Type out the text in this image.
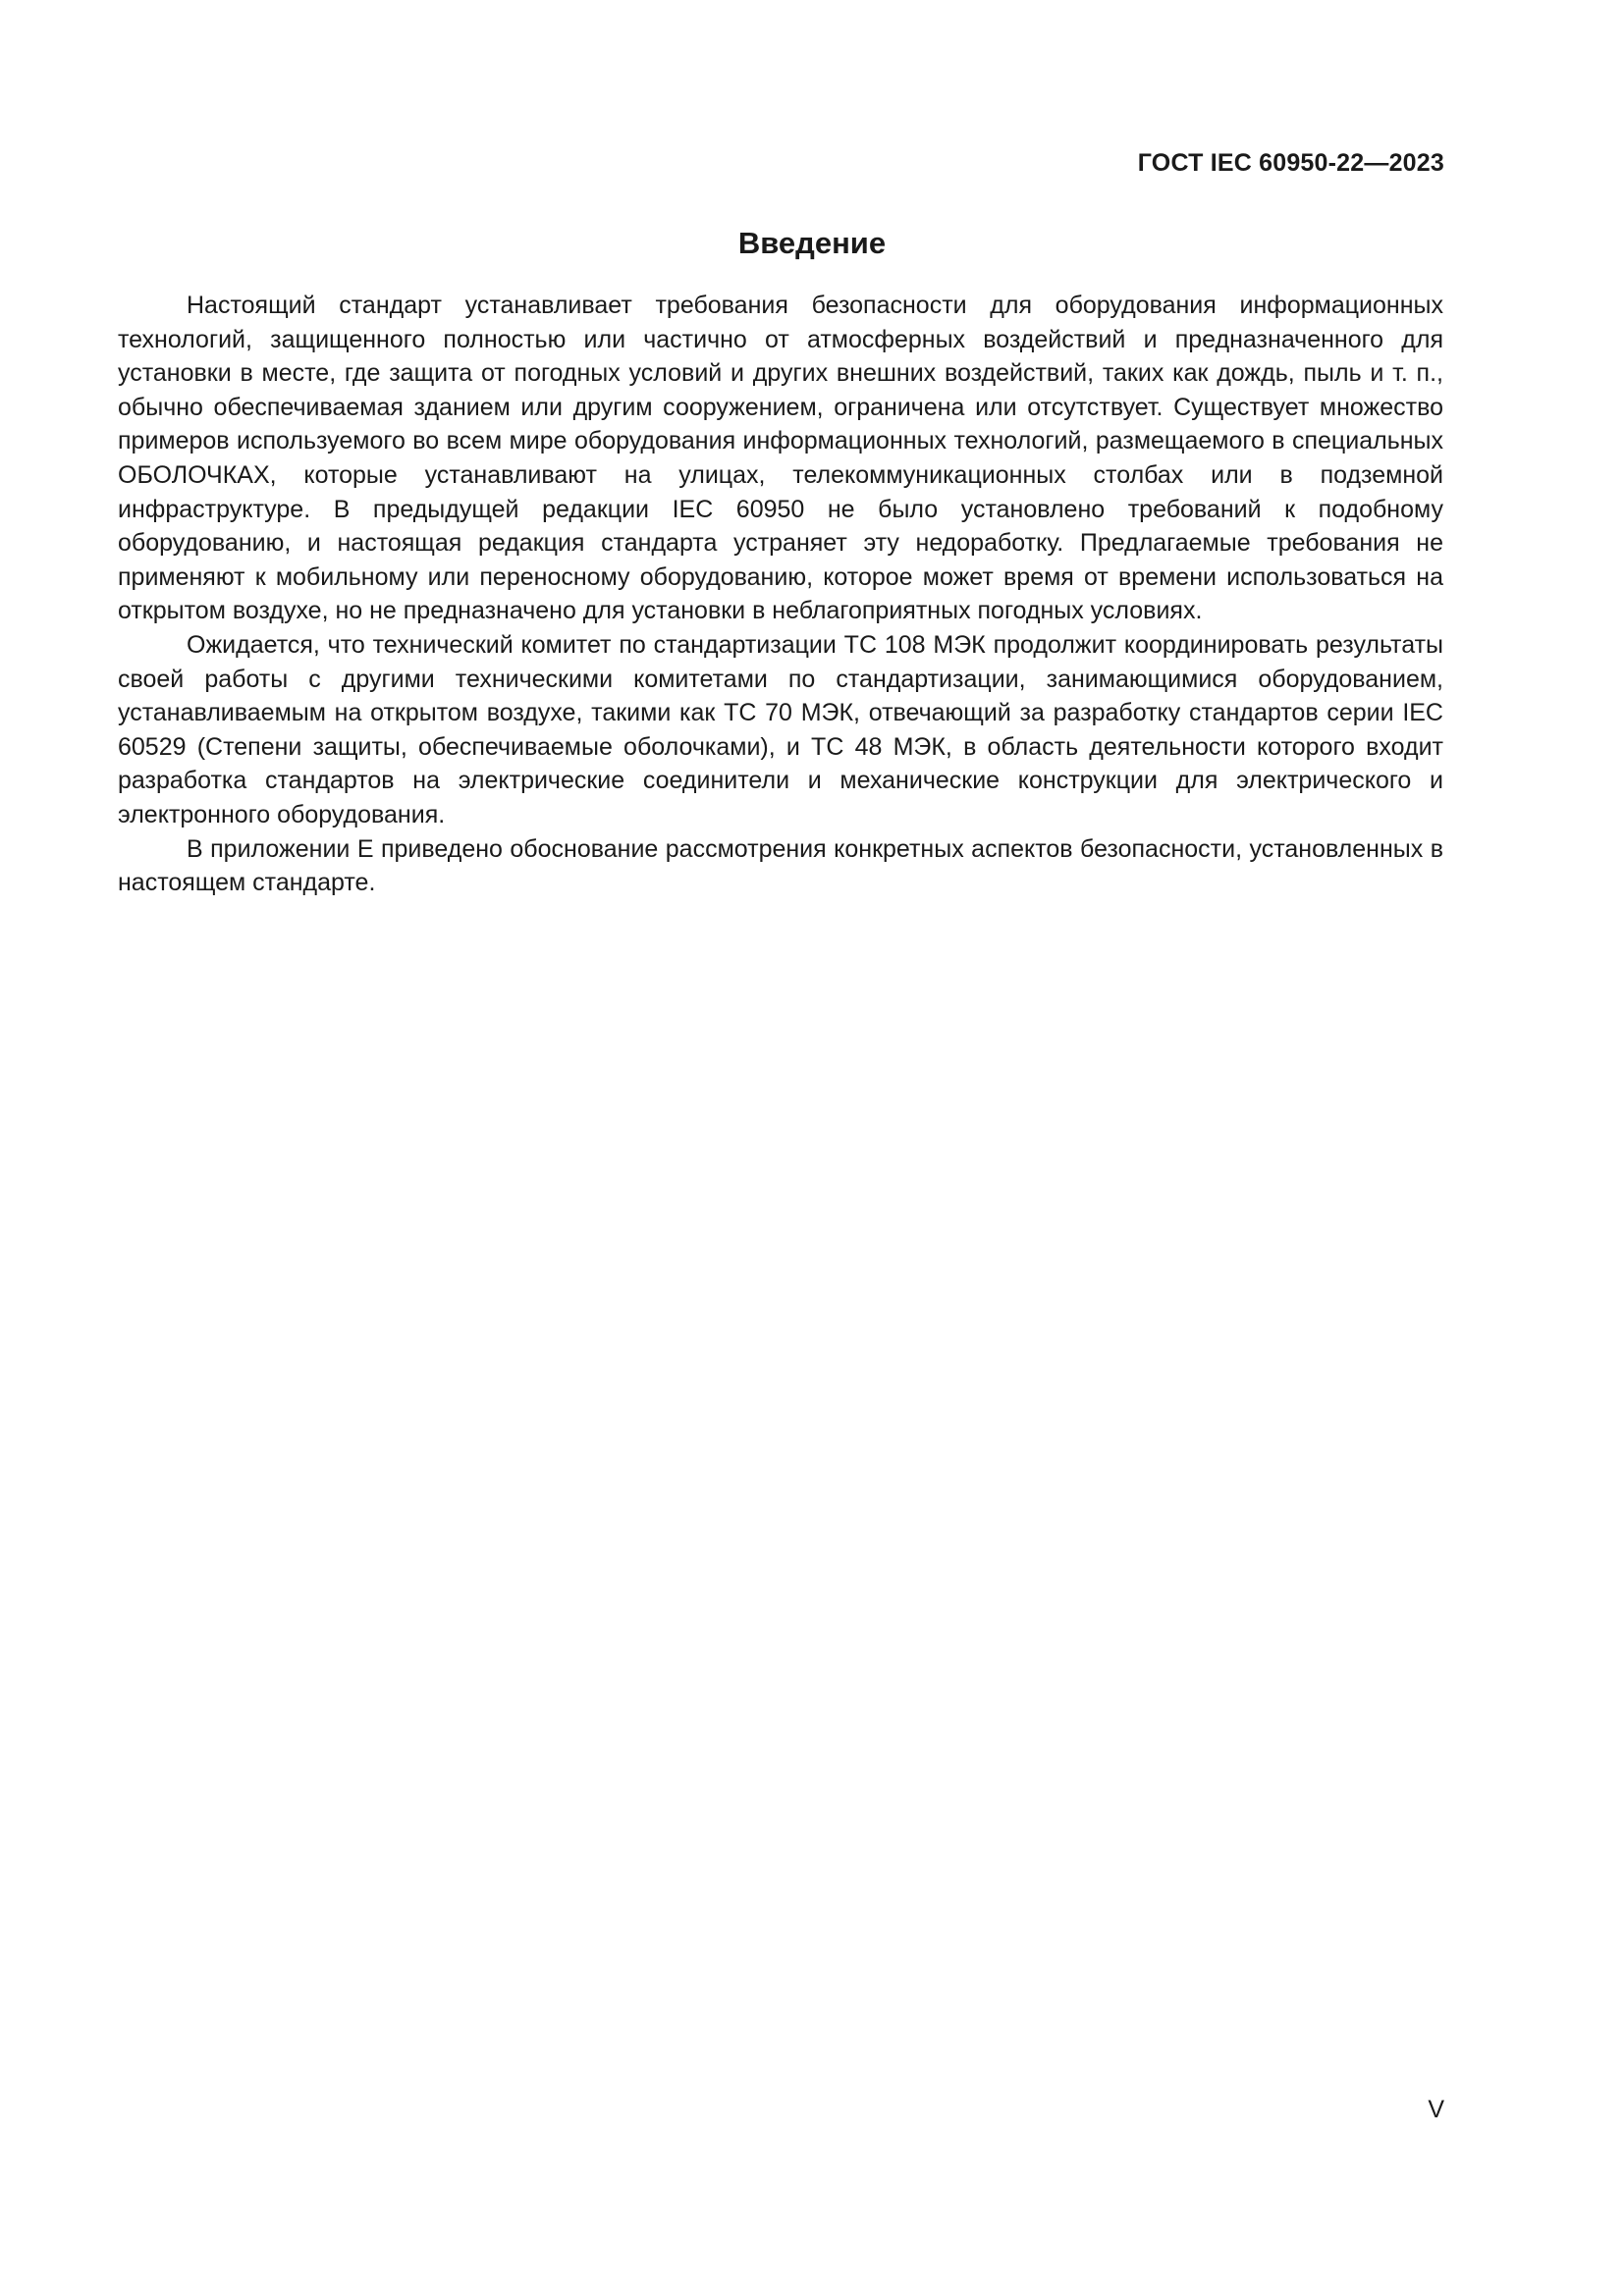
ГОСТ IEC 60950-22—2023
Введение

Настоящий стандарт устанавливает требования безопасности для оборудования информационных технологий, защищенного полностью или частично от атмосферных воздействий и предназначенного для установки в месте, где защита от погодных условий и других внешних воздействий, таких как дождь, пыль и т. п., обычно обеспечиваемая зданием или другим сооружением, ограничена или отсутствует. Существует множество примеров используемого во всем мире оборудования информационных технологий, размещаемого в специальных ОБОЛОЧКАХ, которые устанавливают на улицах, телекоммуникационных столбах или в подземной инфраструктуре. В предыдущей редакции IEC 60950 не было установлено требований к подобному оборудованию, и настоящая редакция стандарта устраняет эту недоработку. Предлагаемые требования не применяют к мобильному или переносному оборудованию, которое может время от времени использоваться на открытом воздухе, но не предназначено для установки в неблагоприятных погодных условиях.

Ожидается, что технический комитет по стандартизации ТС 108 МЭК продолжит координировать результаты своей работы с другими техническими комитетами по стандартизации, занимающимися оборудованием, устанавливаемым на открытом воздухе, такими как ТС 70 МЭК, отвечающий за разработку стандартов серии IEC 60529 (Степени защиты, обеспечиваемые оболочками), и ТС 48 МЭК, в область деятельности которого входит разработка стандартов на электрические соединители и механические конструкции для электрического и электронного оборудования.

В приложении Е приведено обоснование рассмотрения конкретных аспектов безопасности, установленных в настоящем стандарте.

V
